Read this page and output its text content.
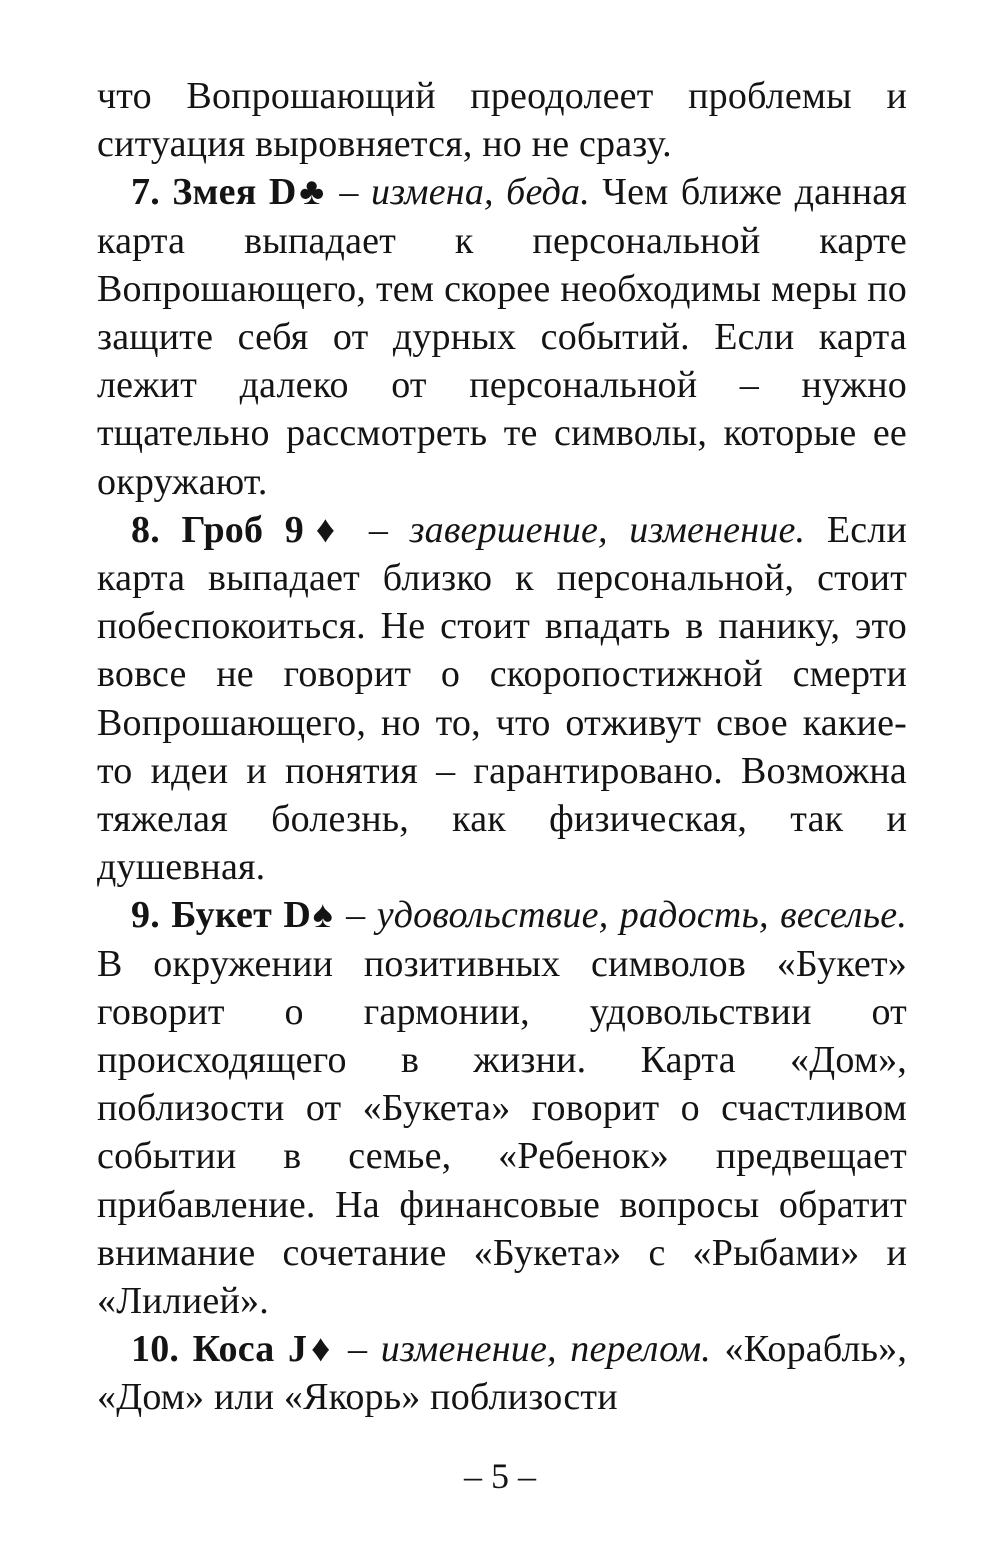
что Вопрошающий преодолеет проблемы и ситуация выровняется, но не сразу.

7. Змея D♣ – измена, беда. Чем ближе данная карта выпадает к персональной карте Вопрошающего, тем скорее необходимы меры по защите себя от дурных событий. Если карта лежит далеко от персональной – нужно тщательно рассмотреть те символы, которые ее окружают.

8. Гроб 9♦ – завершение, изменение. Если карта выпадает близко к персональной, стоит побеспокоиться. Не стоит впадать в панику, это вовсе не говорит о скоропостижной смерти Вопрошающего, но то, что отживут свое какие-то идеи и понятия – гарантировано. Возможна тяжелая болезнь, как физическая, так и душевная.

9. Букет D♠ – удовольствие, радость, веселье. В окружении позитивных символов «Букет» говорит о гармонии, удовольствии от происходящего в жизни. Карта «Дом», поблизости от «Букета» говорит о счастливом событии в семье, «Ребенок» предвещает прибавление. На финансовые вопросы обратит внимание сочетание «Букета» с «Рыбами» и «Лилией».

10. Коса J♦ – изменение, перелом. «Корабль», «Дом» или «Якорь» поблизости

– 5 –
